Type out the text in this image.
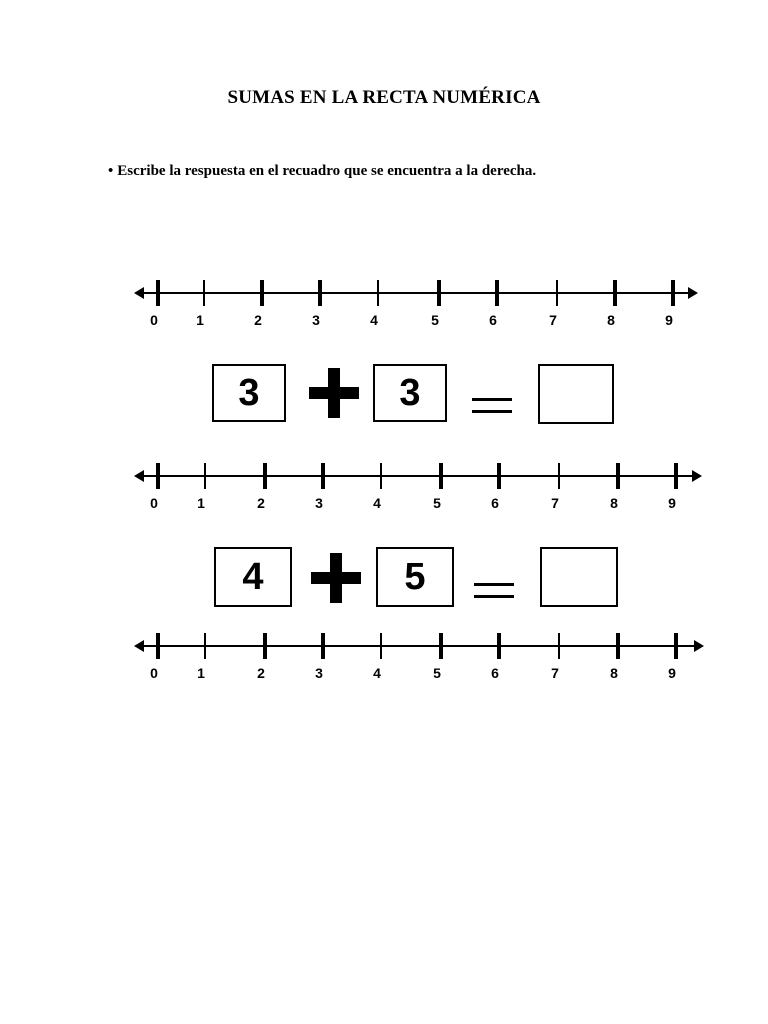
SUMAS EN LA RECTA NUMÉRICA
• Escribe la respuesta en el recuadro que se encuentra a la derecha.
0	1	2	3	4	5	6	7	8	9
3	3
0	1	2	3	4	5	6	7	8	9
4	5
0	1	2	3	4	5	6	7	8	9
